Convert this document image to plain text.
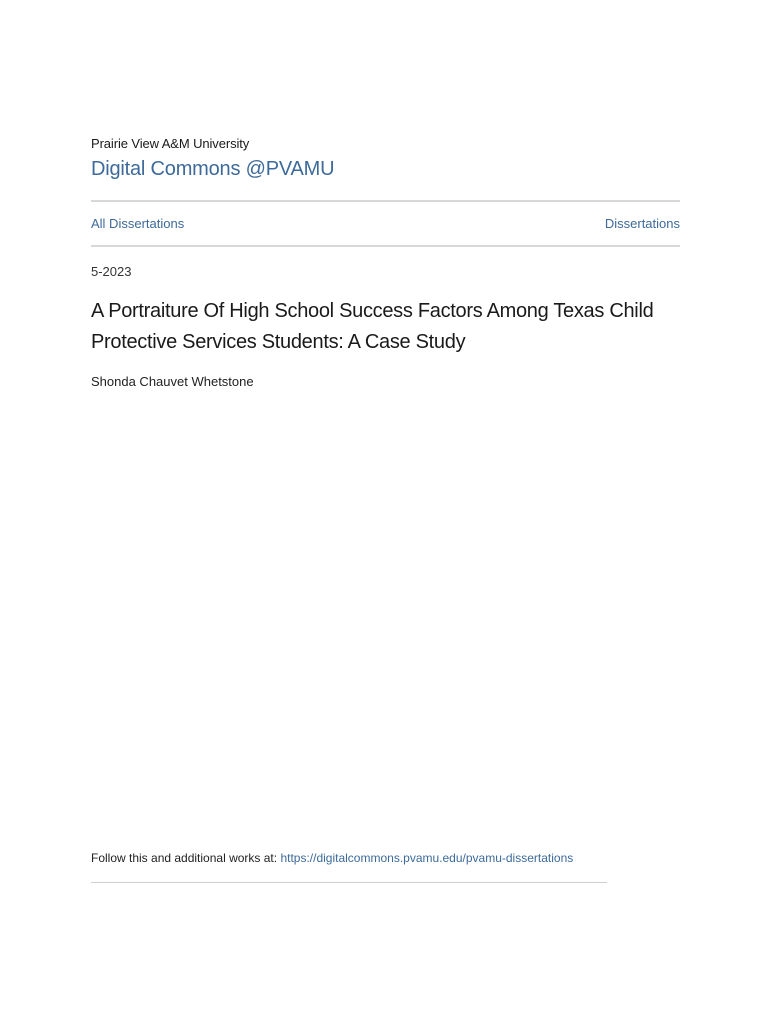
Prairie View A&M University
Digital Commons @PVAMU
All Dissertations	Dissertations
5-2023
A Portraiture Of High School Success Factors Among Texas Child Protective Services Students: A Case Study
Shonda Chauvet Whetstone
Follow this and additional works at: https://digitalcommons.pvamu.edu/pvamu-dissertations
